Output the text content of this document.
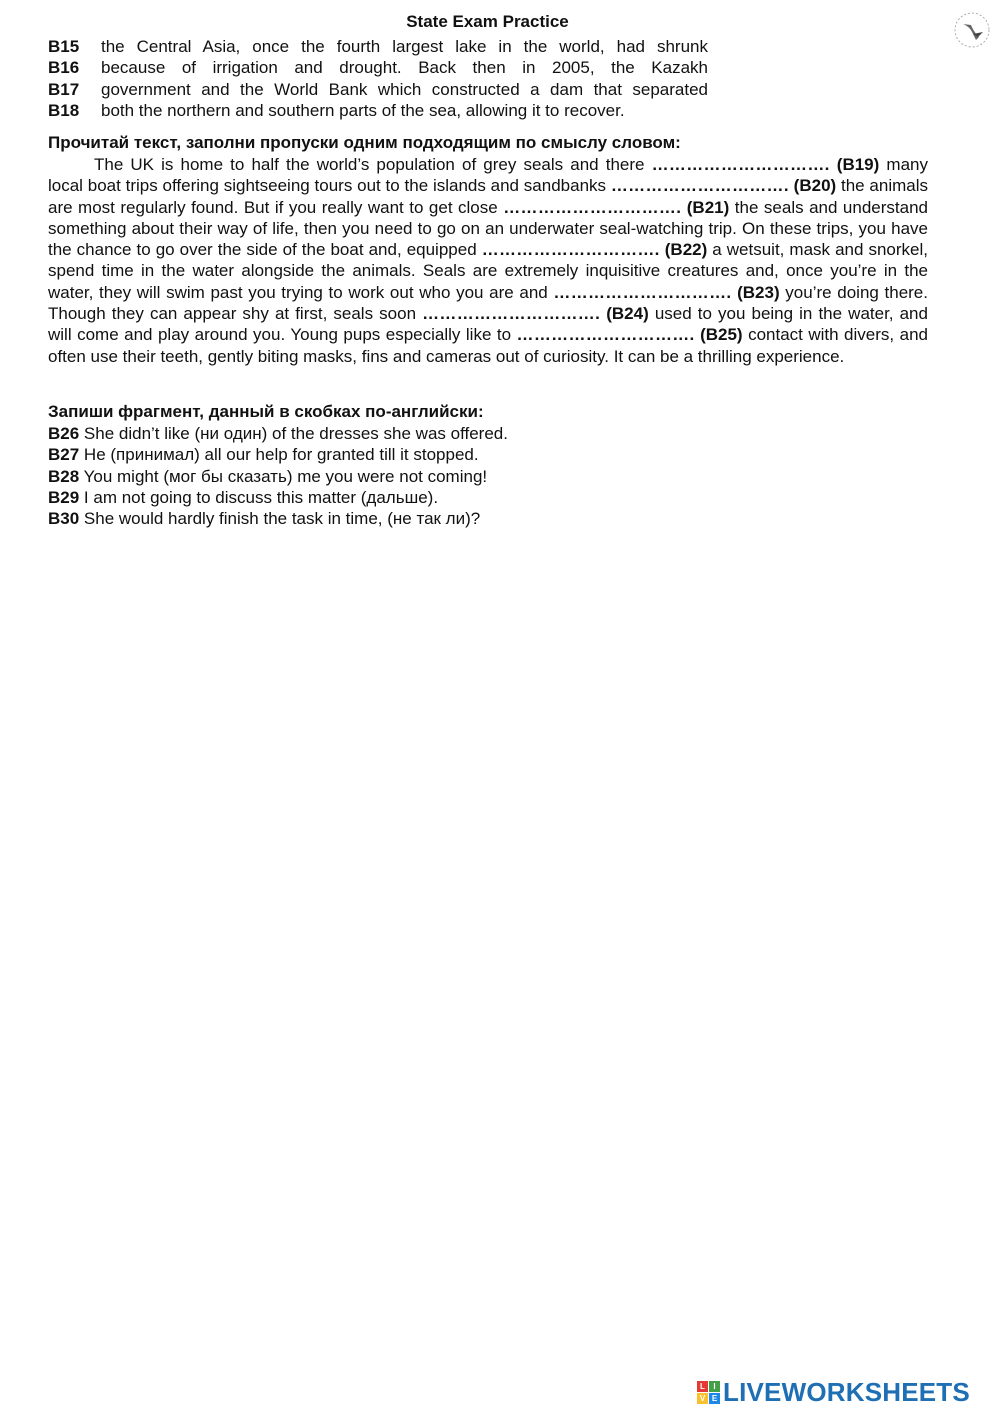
State Exam Practice
B15	the Central Asia, once the fourth largest lake in the world, had shrunk
B16	because of irrigation and drought. Back then in 2005, the Kazakh
B17	government and the World Bank which constructed a dam that separated
B18	both the northern and southern parts of the sea, allowing it to recover.
Прочитай текст, заполни пропуски одним подходящим по смыслу словом:
The UK is home to half the world’s population of grey seals and there …………………………. (B19) many local boat trips offering sightseeing tours out to the islands and sandbanks …………………………. (B20) the animals are most regularly found. But if you really want to get close …………………………. (B21) the seals and understand something about their way of life, then you need to go on an underwater seal-watching trip. On these trips, you have the chance to go over the side of the boat and, equipped …………………………. (B22) a wetsuit, mask and snorkel, spend time in the water alongside the animals. Seals are extremely inquisitive creatures and, once you’re in the water, they will swim past you trying to work out who you are and …………………………. (B23) you’re doing there. Though they can appear shy at first, seals soon …………………………. (B24) used to you being in the water, and will come and play around you. Young pups especially like to …………………………. (B25) contact with divers, and often use their teeth, gently biting masks, fins and cameras out of curiosity. It can be a thrilling experience.
Запиши фрагмент, данный в скобках по-английски:
B26 She didn’t like (ни один) of the dresses she was offered.
B27 He (принимал) all our help for granted till it stopped.
B28 You might (мог бы сказать) me you were not coming!
B29 I am not going to discuss this matter (дальше).
B30 She would hardly finish the task in time, (не так ли)?
L	I
V E LIVEWORKSHEETS
